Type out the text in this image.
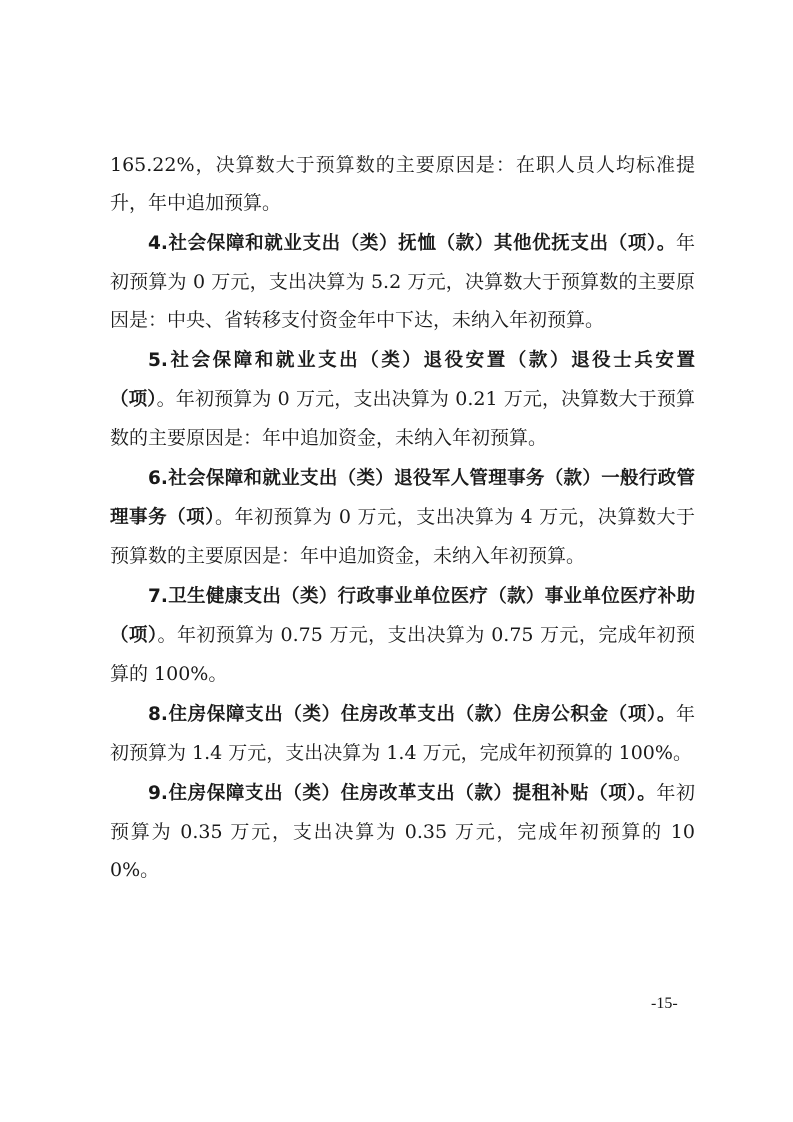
165.22%，决算数大于预算数的主要原因是：在职人员人均标准提升，年中追加预算。

4.社会保障和就业支出（类）抚恤（款）其他优抚支出（项）。年初预算为 0 万元，支出决算为 5.2 万元，决算数大于预算数的主要原因是：中央、省转移支付资金年中下达，未纳入年初预算。

5.社会保障和就业支出（类）退役安置（款）退役士兵安置（项）。年初预算为 0 万元，支出决算为 0.21 万元，决算数大于预算数的主要原因是：年中追加资金，未纳入年初预算。

6.社会保障和就业支出（类）退役军人管理事务（款）一般行政管理事务（项）。年初预算为 0 万元，支出决算为 4 万元，决算数大于预算数的主要原因是：年中追加资金，未纳入年初预算。

7.卫生健康支出（类）行政事业单位医疗（款）事业单位医疗补助（项）。年初预算为 0.75 万元，支出决算为 0.75 万元，完成年初预算的 100%。

8.住房保障支出（类）住房改革支出（款）住房公积金（项）。年初预算为 1.4 万元，支出决算为 1.4 万元，完成年初预算的 100%。

9.住房保障支出（类）住房改革支出（款）提租补贴（项）。年初预算为 0.35 万元，支出决算为 0.35 万元，完成年初预算的 100%。

-15-
